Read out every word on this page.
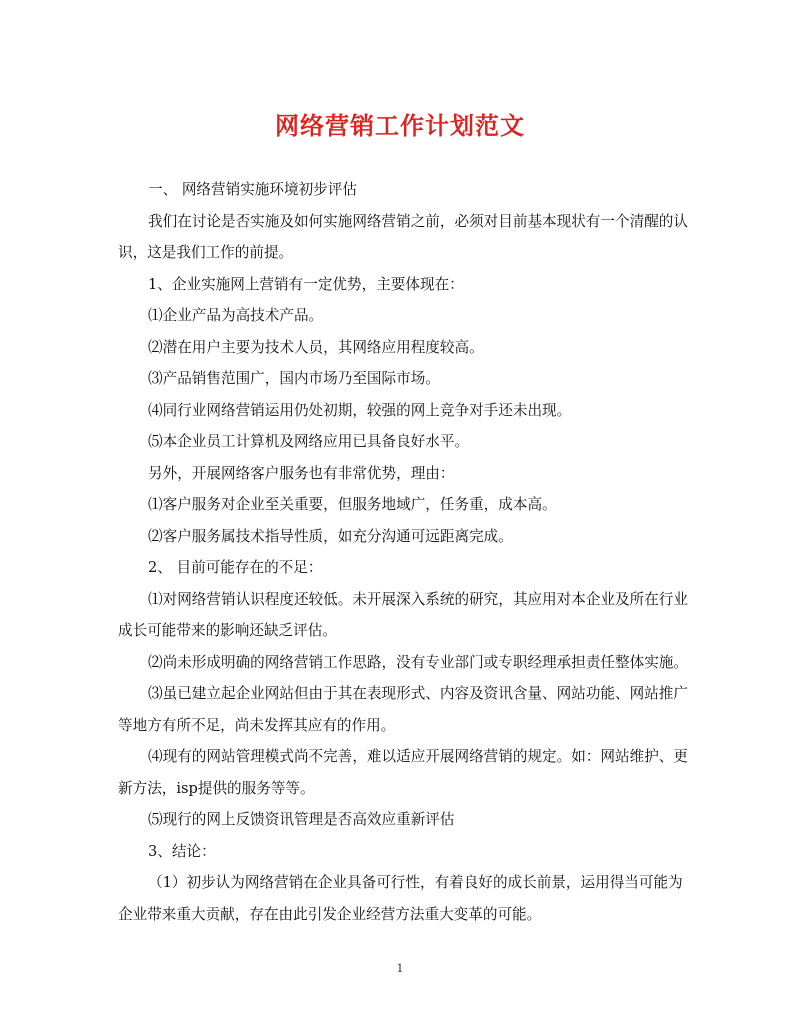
网络营销工作计划范文

一、 网络营销实施环境初步评估

我们在讨论是否实施及如何实施网络营销之前，必须对目前基本现状有一个清醒的认识，这是我们工作的前提。

1、企业实施网上营销有一定优势，主要体现在：

⑴企业产品为高技术产品。

⑵潜在用户主要为技术人员，其网络应用程度较高。

⑶产品销售范围广，国内市场乃至国际市场。

⑷同行业网络营销运用仍处初期，较强的网上竞争对手还未出现。

⑸本企业员工计算机及网络应用已具备良好水平。

另外，开展网络客户服务也有非常优势，理由：

⑴客户服务对企业至关重要，但服务地域广，任务重，成本高。

⑵客户服务属技术指导性质，如充分沟通可远距离完成。

2、 目前可能存在的不足：

⑴对网络营销认识程度还较低。未开展深入系统的研究，其应用对本企业及所在行业成长可能带来的影响还缺乏评估。

⑵尚未形成明确的网络营销工作思路，没有专业部门或专职经理承担责任整体实施。

⑶虽已建立起企业网站但由于其在表现形式、内容及资讯含量、网站功能、网站推广等地方有所不足，尚未发挥其应有的作用。

⑷现有的网站管理模式尚不完善，难以适应开展网络营销的规定。如：网站维护、更新方法，isp提供的服务等等。

⑸现行的网上反馈资讯管理是否高效应重新评估

3、结论：

（1）初步认为网络营销在企业具备可行性，有着良好的成长前景，运用得当可能为企业带来重大贡献，存在由此引发企业经营方法重大变革的可能。

1
